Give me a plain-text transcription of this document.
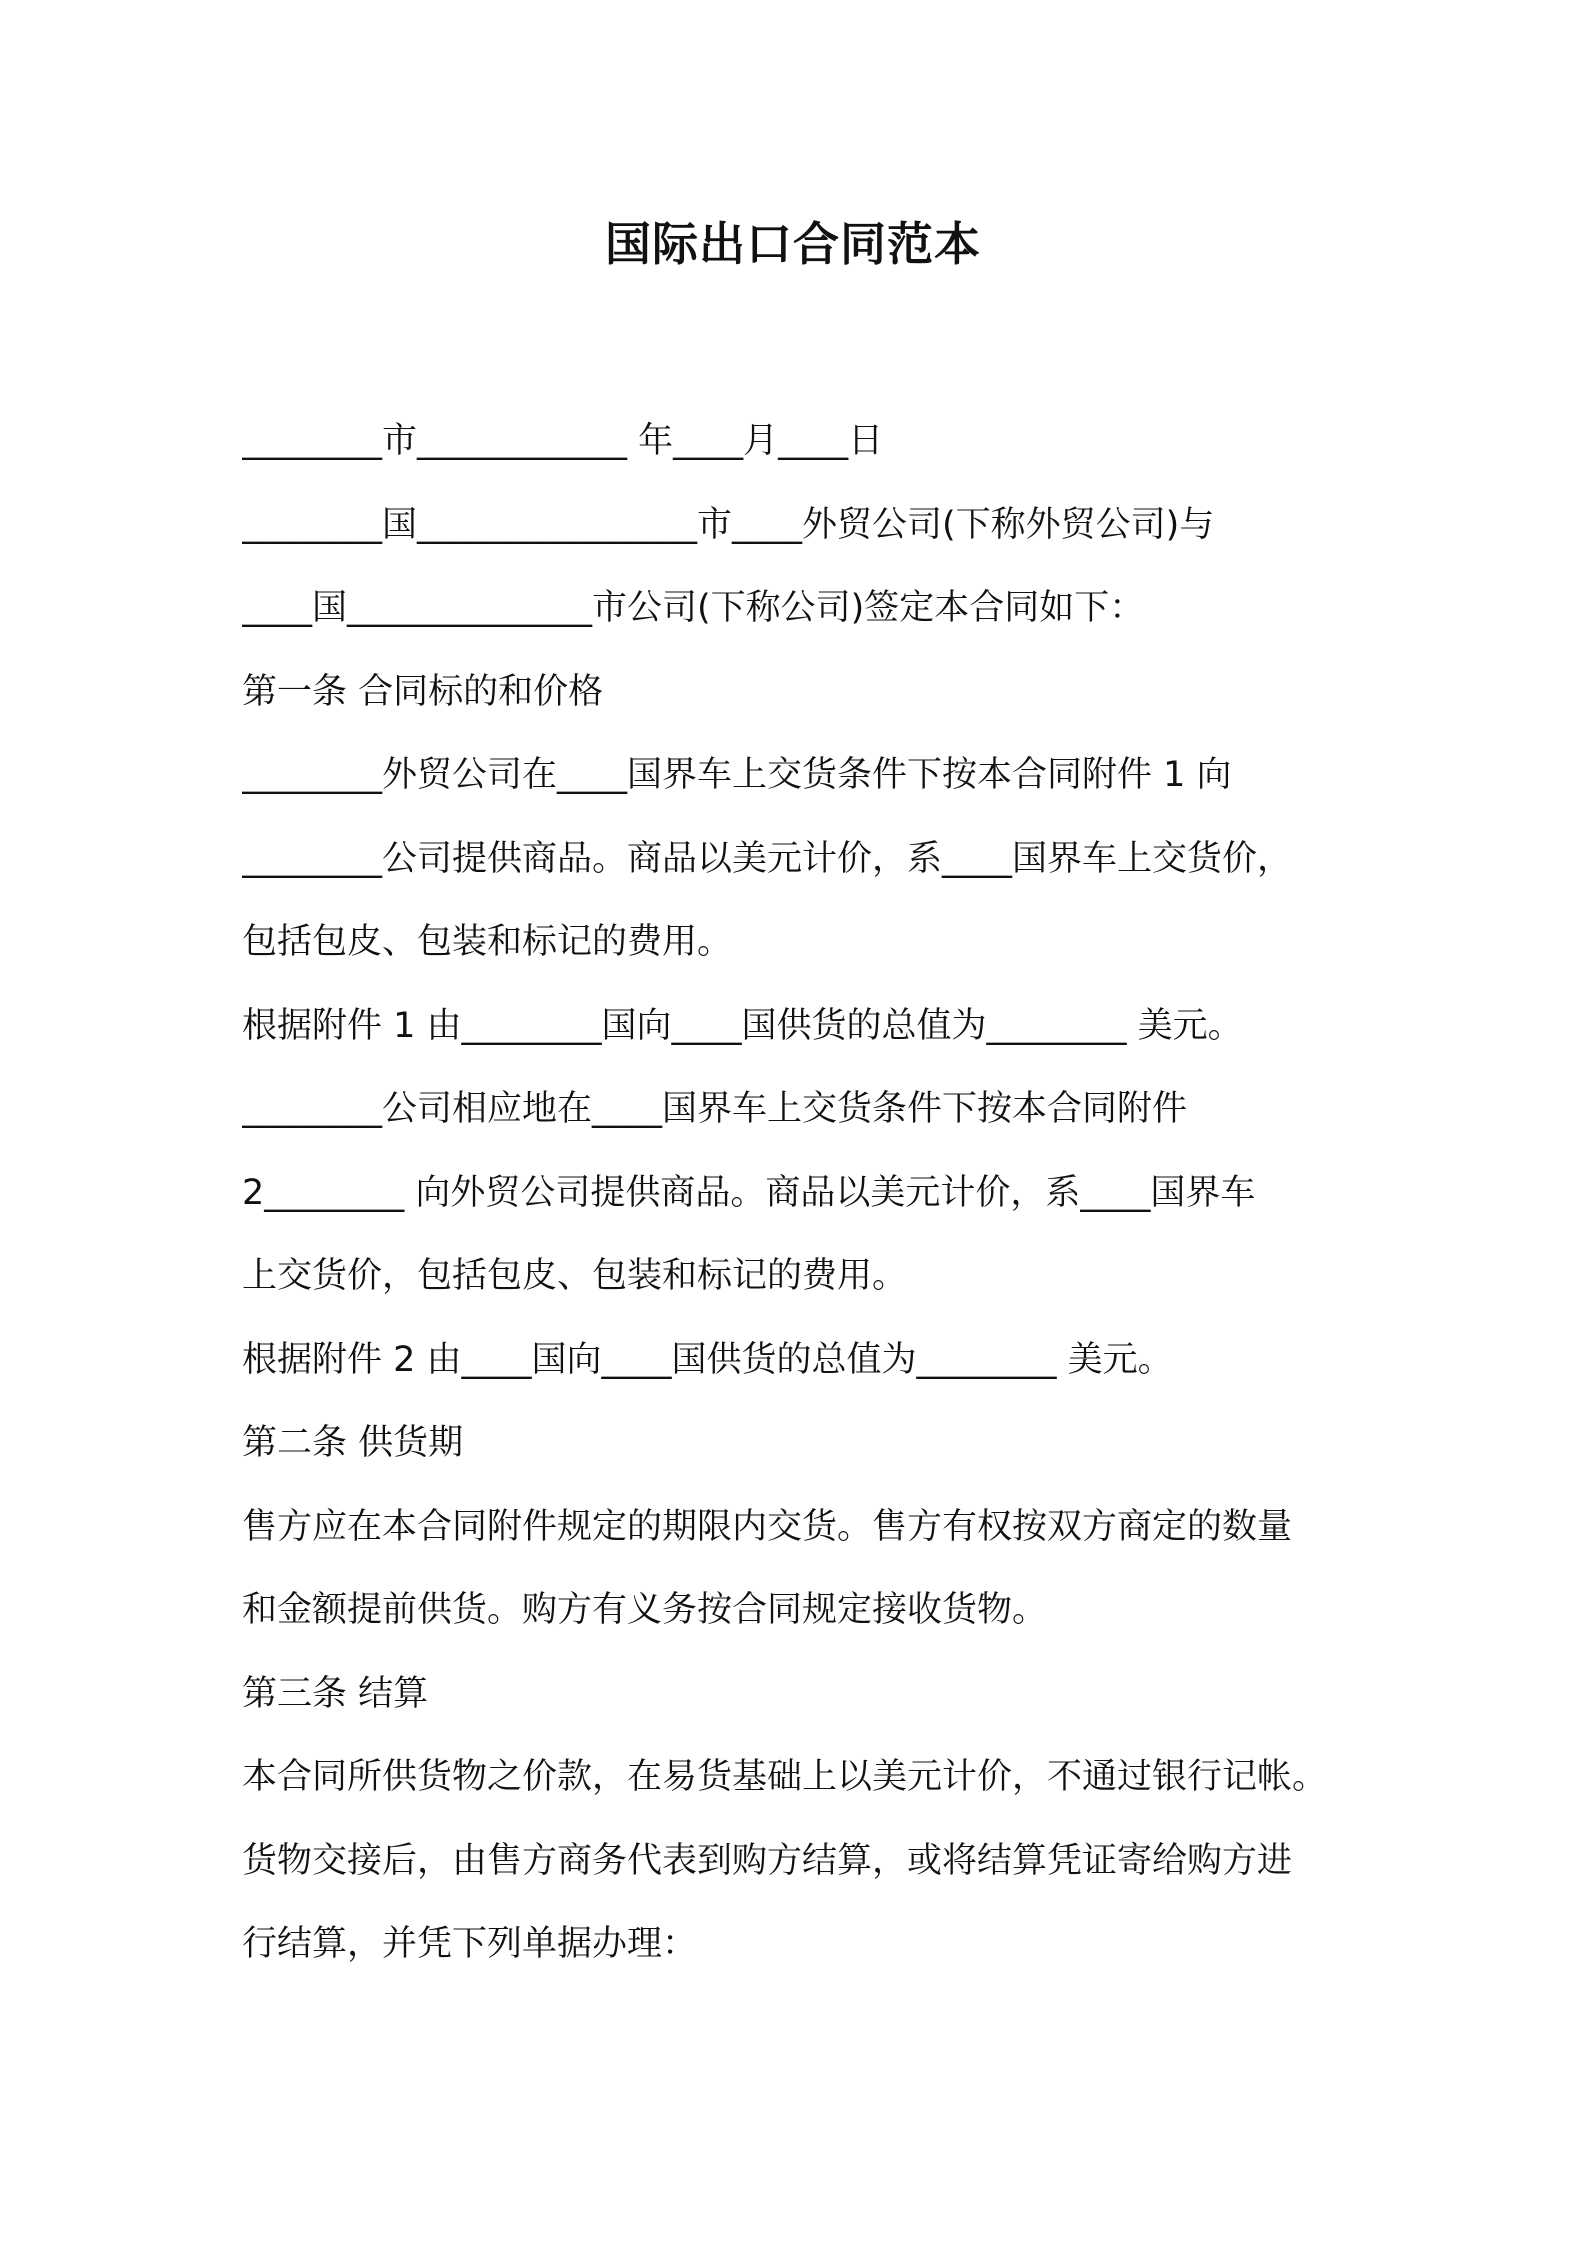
国际出口合同范本
________市____________ 年____月____日
________国________________市____外贸公司(下称外贸公司)与
____国______________市公司(下称公司)签定本合同如下：
第一条 合同标的和价格
________外贸公司在____国界车上交货条件下按本合同附件 1 向
________公司提供商品。商品以美元计价，系____国界车上交货价，
包括包皮、包装和标记的费用。
根据附件 1 由________国向____国供货的总值为________ 美元。
________公司相应地在____国界车上交货条件下按本合同附件
2________ 向外贸公司提供商品。商品以美元计价，系____国界车
上交货价，包括包皮、包装和标记的费用。
根据附件 2 由____国向____国供货的总值为________ 美元。
第二条 供货期
售方应在本合同附件规定的期限内交货。售方有权按双方商定的数量
和金额提前供货。购方有义务按合同规定接收货物。
第三条 结算
本合同所供货物之价款，在易货基础上以美元计价，不通过银行记帐。
货物交接后，由售方商务代表到购方结算，或将结算凭证寄给购方进
行结算，并凭下列单据办理：
